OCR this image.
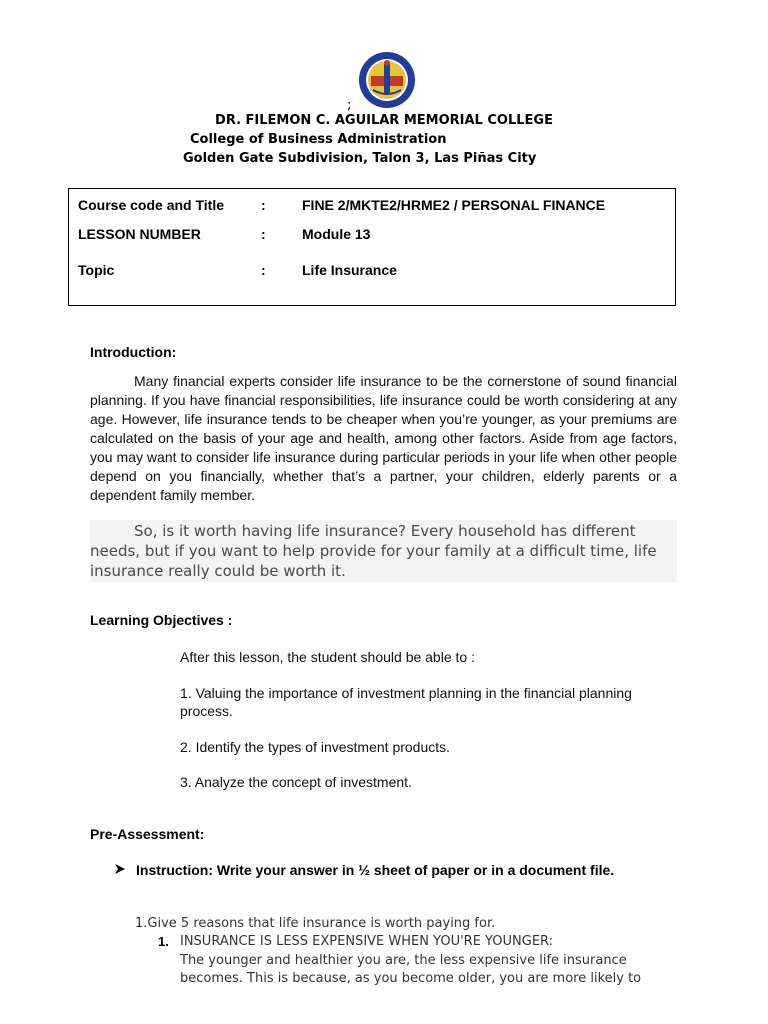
;
DR. FILEMON C. AGUILAR MEMORIAL COLLEGE
College of Business Administration
Golden Gate Subdivision, Talon 3, Las Piñas City
Course code and Title	:	FINE 2/MKTE2/HRME2 / PERSONAL FINANCE
LESSON NUMBER	:	Module 13
Topic	:	Life Insurance
Introduction:
Many financial experts consider life insurance to be the cornerstone of sound financial planning. If you have financial responsibilities, life insurance could be worth considering at any age. However, life insurance tends to be cheaper when you’re younger, as your premiums are calculated on the basis of your age and health, among other factors. Aside from age factors, you may want to consider life insurance during particular periods in your life when other people depend on you financially, whether that’s a partner, your children, elderly parents or a dependent family member.
So, is it worth having life insurance? Every household has different needs, but if you want to help provide for your family at a difficult time, life insurance really could be worth it.
Learning Objectives :
After this lesson, the student should be able to :
1. Valuing the importance of investment planning in the financial planning process.
2. Identify the types of investment products.
3. Analyze the concept of investment.
Pre-Assessment:
Instruction: Write your answer in ½ sheet of paper or in a document file.
1.Give 5 reasons that life insurance is worth paying for.
1. INSURANCE IS LESS EXPENSIVE WHEN YOU'RE YOUNGER:
The younger and healthier you are, the less expensive life insurance becomes. This is because, as you become older, you are more likely to
